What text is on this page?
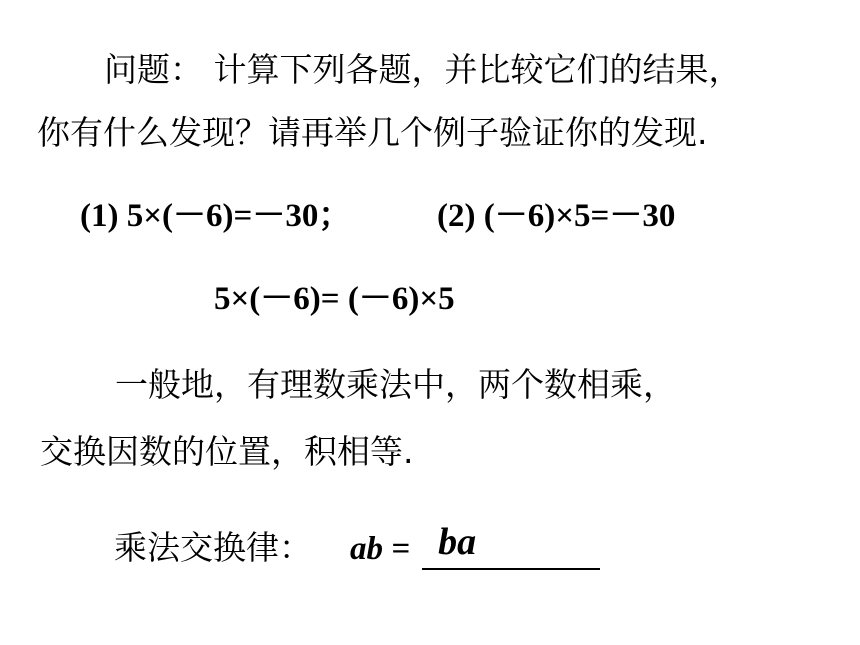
问题： 计算下列各题，并比较它们的结果，
你有什么发现？请再举几个例子验证你的发现.
(1) 5×(－6)=－30；	(2) (－6)×5=－30
5×(－6)= (－6)×5
一般地，有理数乘法中，两个数相乘，
交换因数的位置，积相等.
乘法交换律： ab = ba
